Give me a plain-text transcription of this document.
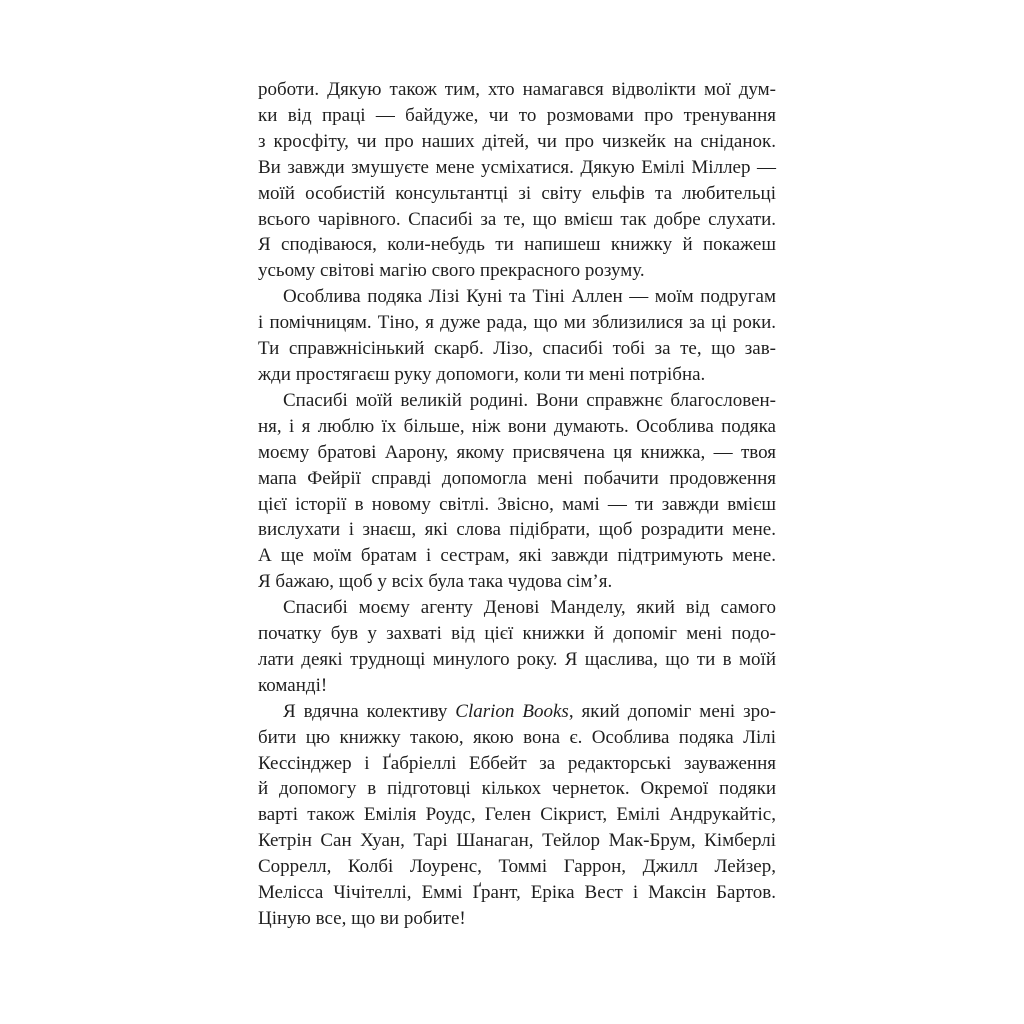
роботи. Дякую також тим, хто намагався відволікти мої дум-
ки від праці — байдуже, чи то розмовами про тренування
з кросфіту, чи про наших дітей, чи про чизкейк на сніданок.
Ви завжди змушуєте мене усміхатися. Дякую Емілі Міллер —
моїй особистій консультантці зі світу ельфів та любительці
всього чарівного. Спасибі за те, що вмієш так добре слухати.
Я сподіваюся, коли-небудь ти напишеш книжку й покажеш
усьому світові магію свого прекрасного розуму.
Особлива подяка Лізі Куні та Тіні Аллен — моїм подругам
і помічницям. Тіно, я дуже рада, що ми зблизилися за ці роки.
Ти справжнісінький скарб. Лізо, спасибі тобі за те, що зав-
жди простягаєш руку допомоги, коли ти мені потрібна.
Спасибі моїй великій родині. Вони справжнє благословен-
ня, і я люблю їх більше, ніж вони думають. Особлива подяка
моєму братові Аарону, якому присвячена ця книжка, — твоя
мапа Фейрії справді допомогла мені побачити продовження
цієї історії в новому світлі. Звісно, мамі — ти завжди вмієш
вислухати і знаєш, які слова підібрати, щоб розрадити мене.
А ще моїм братам і сестрам, які завжди підтримують мене.
Я бажаю, щоб у всіх була така чудова сім’я.
Спасибі моєму агенту Денові Манделу, який від самого
початку був у захваті від цієї книжки й допоміг мені подо-
лати деякі труднощі минулого року. Я щаслива, що ти в моїй
команді!
Я вдячна колективу Clarion Books, який допоміг мені зро-
бити цю книжку такою, якою вона є. Особлива подяка Лілі
Кессінджер і Ґабріеллі Еббейт за редакторські зауваження
й допомогу в підготовці кількох чернеток. Окремої подяки
варті також Емілія Роудс, Гелен Сікрист, Емілі Андрукайтіс,
Кетрін Сан Хуан, Тарі Шанаган, Тейлор Мак-Брум, Кімберлі
Соррелл, Колбі Лоуренс, Томмі Гаррон, Джилл Лейзер,
Мелісса Чічітеллі, Еммі Ґрант, Еріка Вест і Максін Бартов.
Ціную все, що ви робите!
